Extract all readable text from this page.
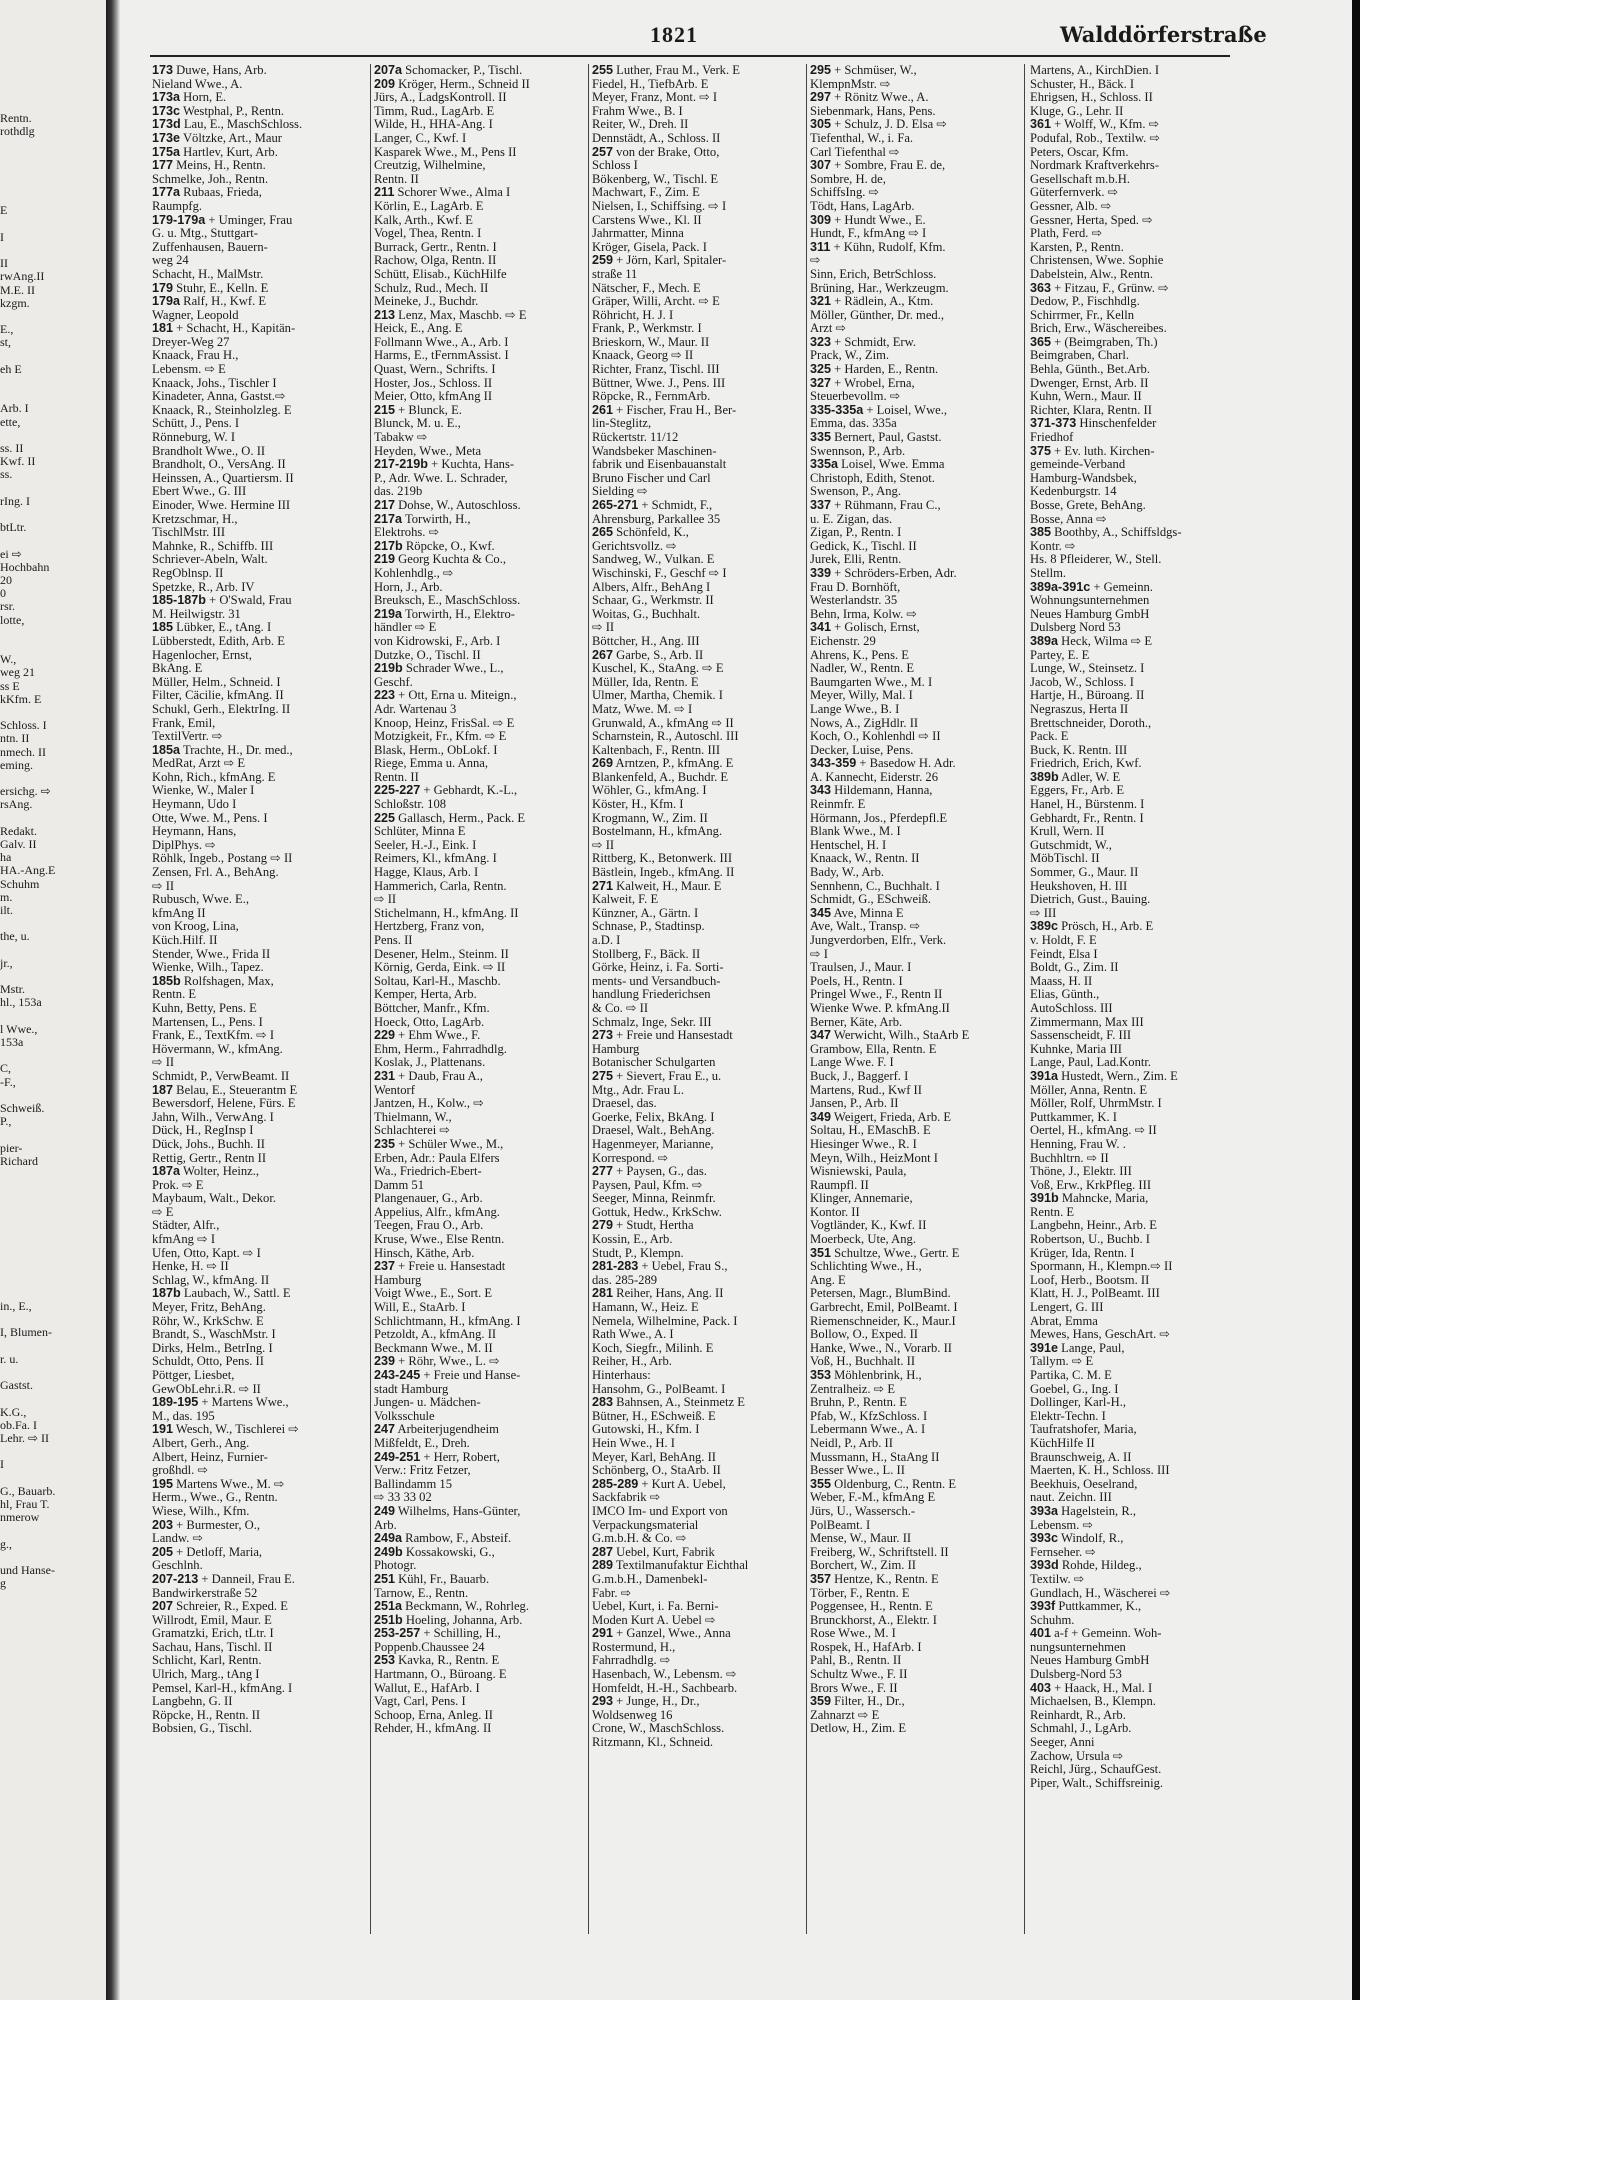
Rentn.
rothdlg
E
I
II
rwAng.II
M.E. II
kzgm.
E.,
st,
eh E
Arb. I
ette,
ss. II
Kwf. II
ss.
rIng. I
btLtr.
ei ⇨
Hochbahn
20
0
rsr.
lotte,
W.,
weg 21
ss E
kKfm. E
Schloss. I
ntn. II
nmech. II
eming.
ersichg. ⇨
rsAng.
Redakt.
Galv. II
ha
HA.-Ang.E
Schuhm
m.
ilt.
the, u.
jr.,
Mstr.
hl., 153a
l Wwe.,
153a
C,
-F.,
Schweiß.
P.,
pier-
Richard
in., E.,
I, Blumen-
r. u.
Gastst.
K.G.,
ob.Fa. I
Lehr. ⇨ II
I
G., Bauarb.
hl, Frau T.
nmerow
g.,
und Hanse-
g
1821	Walddörferstraße
173 Duwe, Hans, Arb.
Nieland Wwe., A.
173a Horn, E.
173c Westphal, P., Rentn.
173d Lau, E., MaschSchloss.
173e Völtzke, Art., Maur
175a Hartlev, Kurt, Arb.
177 Meins, H., Rentn.
Schmelke, Joh., Rentn.
177a Rubaas, Frieda,
Raumpfg.
179-179a + Uminger, Frau
G. u. Mtg., Stuttgart-
Zuffenhausen, Bauern-
weg 24
Schacht, H., MalMstr.
179 Stuhr, E., Kelln. E
179a Ralf, H., Kwf. E
Wagner, Leopold
181 + Schacht, H., Kapitän-
Dreyer-Weg 27
Knaack, Frau H.,
Lebensm. ⇨ E
Knaack, Johs., Tischler I
Kinadeter, Anna, Gastst.⇨
Knaack, R., Steinholzleg. E
Schütt, J., Pens. I
Rönneburg, W. I
Brandholt Wwe., O. II
Brandholt, O., VersAng. II
Heinssen, A., Quartiersm. II
Ebert Wwe., G. III
Einoder, Wwe. Hermine III
Kretzschmar, H.,
TischlMstr. III
Mahnke, R., Schiffb. III
Schriever-Abeln, Walt.
RegOblnsp. II
Spetzke, R., Arb. IV
185-187b + O'Swald, Frau
M. Heilwigstr. 31
185 Lübker, E., tAng. I
Lübberstedt, Edith, Arb. E
Hagenlocher, Ernst,
BkAng. E
Müller, Helm., Schneid. I
Filter, Cäcilie, kfmAng. II
Schukl, Gerh., ElektrIng. II
Frank, Emil,
TextilVertr. ⇨
185a Trachte, H., Dr. med.,
MedRat, Arzt ⇨ E
Kohn, Rich., kfmAng. E
Wienke, W., Maler I
Heymann, Udo I
Otte, Wwe. M., Pens. I
Heymann, Hans,
DiplPhys. ⇨
Röhlk, Ingeb., Postang ⇨ II
Zensen, Frl. A., BehAng.
⇨ II
Rubusch, Wwe. E.,
kfmAng II
von Kroog, Lina,
Küch.Hilf. II
Stender, Wwe., Frida II
Wienke, Wilh., Tapez.
185b Rolfshagen, Max,
Rentn. E
Kuhn, Betty, Pens. E
Martensen, L., Pens. I
Frank, E., TextKfm. ⇨ I
Hövermann, W., kfmAng.
⇨ II
Schmidt, P., VerwBeamt. II
187 Belau, E., Steuerantm E
Bewersdorf, Helene, Fürs. E
Jahn, Wilh., VerwAng. I
Dück, H., RegInsp I
Dück, Johs., Buchh. II
Rettig, Gertr., Rentn II
187a Wolter, Heinz.,
Prok. ⇨ E
Maybaum, Walt., Dekor.
⇨ E
Städter, Alfr.,
kfmAng ⇨ I
Ufen, Otto, Kapt. ⇨ I
Henke, H. ⇨ II
Schlag, W., kfmAng. II
187b Laubach, W., Sattl. E
Meyer, Fritz, BehAng.
Röhr, W., KrkSchw. E
Brandt, S., WaschMstr. I
Dirks, Helm., BetrIng. I
Schuldt, Otto, Pens. II
Pöttger, Liesbet,
GewObLehr.i.R. ⇨ II
189-195 + Martens Wwe.,
M., das. 195
191 Wesch, W., Tischlerei ⇨
Albert, Gerh., Ang.
Albert, Heinz, Furnier-
großhdl. ⇨
195 Martens Wwe., M. ⇨
Herm., Wwe., G., Rentn.
Wiese, Wilh., Kfm.
203 + Burmester, O.,
Landw. ⇨
205 + Detloff, Maria,
Geschlnh.
207-213 + Danneil, Frau E.
Bandwirkerstraße 52
207 Schreier, R., Exped. E
Willrodt, Emil, Maur. E
Gramatzki, Erich, tLtr. I
Sachau, Hans, Tischl. II
Schlicht, Karl, Rentn.
Ulrich, Marg., tAng I
Pemsel, Karl-H., kfmAng. I
Langbehn, G. II
Röpcke, H., Rentn. II
Bobsien, G., Tischl.
207a Schomacker, P., Tischl.
209 Kröger, Herm., Schneid II
Jürs, A., LadgsKontroll. II
Timm, Rud., LagArb. E
Wilde, H., HHA-Ang. I
Langer, C., Kwf. I
Kasparek Wwe., M., Pens II
Creutzig, Wilhelmine,
Rentn. II
211 Schorer Wwe., Alma I
Körlin, E., LagArb. E
Kalk, Arth., Kwf. E
Vogel, Thea, Rentn. I
Burrack, Gertr., Rentn. I
Rachow, Olga, Rentn. II
Schütt, Elisab., KüchHilfe
Schulz, Rud., Mech. II
Meineke, J., Buchdr.
213 Lenz, Max, Maschb. ⇨ E
Heick, E., Ang. E
Follmann Wwe., A., Arb. I
Harms, E., tFernmAssist. I
Quast, Wern., Schrifts. I
Hoster, Jos., Schloss. II
Meier, Otto, kfmAng II
215 + Blunck, E.
Blunck, M. u. E.,
Tabakw ⇨
Heyden, Wwe., Meta
217-219b + Kuchta, Hans-
P., Adr. Wwe. L. Schrader,
das. 219b
217 Dohse, W., Autoschloss.
217a Torwirth, H.,
Elektrohs. ⇨
217b Röpcke, O., Kwf.
219 Georg Kuchta & Co.,
Kohlenhdlg., ⇨
Horn, J., Arb.
Breuksch, E., MaschSchloss.
219a Torwirth, H., Elektro-
händler ⇨ E
von Kidrowski, F., Arb. I
Dutzke, O., Tischl. II
219b Schrader Wwe., L.,
Geschf.
223 + Ott, Erna u. Miteign.,
Adr. Wartenau 3
Knoop, Heinz, FrisSal. ⇨ E
Motzigkeit, Fr., Kfm. ⇨ E
Blask, Herm., ObLokf. I
Riege, Emma u. Anna,
Rentn. II
225-227 + Gebhardt, K.-L.,
Schloßstr. 108
225 Gallasch, Herm., Pack. E
Schlüter, Minna E
Seeler, H.-J., Eink. I
Reimers, Kl., kfmAng. I
Hagge, Klaus, Arb. I
Hammerich, Carla, Rentn.
⇨ II
Stichelmann, H., kfmAng. II
Hertzberg, Franz von,
Pens. II
Desener, Helm., Steinm. II
Körnig, Gerda, Eink. ⇨ II
Soltau, Karl-H., Maschb.
Kemper, Herta, Arb.
Böttcher, Manfr., Kfm.
Hoeck, Otto, LagArb.
229 + Ehm Wwe., F.
Ehm, Herm., Fahrradhdlg.
Koslak, J., Plattenans.
231 + Daub, Frau A.,
Wentorf
Jantzen, H., Kolw., ⇨
Thielmann, W.,
Schlachterei ⇨
235 + Schüler Wwe., M.,
Erben, Adr.: Paula Elfers
Wa., Friedrich-Ebert-
Damm 51
Plangenauer, G., Arb.
Appelius, Alfr., kfmAng.
Teegen, Frau O., Arb.
Kruse, Wwe., Else Rentn.
Hinsch, Käthe, Arb.
237 + Freie u. Hansestadt
Hamburg
Voigt Wwe., E., Sort. E
Will, E., StaArb. I
Schlichtmann, H., kfmAng. I
Petzoldt, A., kfmAng. II
Beckmann Wwe., M. II
239 + Röhr, Wwe., L. ⇨
243-245 + Freie und Hanse-
stadt Hamburg
Jungen- u. Mädchen-
Volksschule
247 Arbeiterjugendheim
Mißfeldt, E., Dreh.
249-251 + Herr, Robert,
Verw.: Fritz Fetzer,
Ballindamm 15
⇨ 33 33 02
249 Wilhelms, Hans-Günter,
Arb.
249a Rambow, F., Absteif.
249b Kossakowski, G.,
Photogr.
251 Kühl, Fr., Bauarb.
Tarnow, E., Rentn.
251a Beckmann, W., Rohrleg.
251b Hoeling, Johanna, Arb.
253-257 + Schilling, H.,
Poppenb.Chaussee 24
253 Kavka, R., Rentn. E
Hartmann, O., Büroang. E
Wallut, E., HafArb. I
Vagt, Carl, Pens. I
Schoop, Erna, Anleg. II
Rehder, H., kfmAng. II
255 Luther, Frau M., Verk. E
Fiedel, H., TiefbArb. E
Meyer, Franz, Mont. ⇨ I
Frahm Wwe., B. I
Reiter, W., Dreh. II
Dennstädt, A., Schloss. II
257 von der Brake, Otto,
Schloss I
Bökenberg, W., Tischl. E
Machwart, F., Zim. E
Nielsen, I., Schiffsing. ⇨ I
Carstens Wwe., Kl. II
Jahrmatter, Minna
Kröger, Gisela, Pack. I
259 + Jörn, Karl, Spitaler-
straße 11
Nätscher, F., Mech. E
Gräper, Willi, Archt. ⇨ E
Röhricht, H. J. I
Frank, P., Werkmstr. I
Brieskorn, W., Maur. II
Knaack, Georg ⇨ II
Richter, Franz, Tischl. III
Büttner, Wwe. J., Pens. III
Röpcke, R., FernmArb.
261 + Fischer, Frau H., Ber-
lin-Steglitz,
Rückertstr. 11/12
Wandsbeker Maschinen-
fabrik und Eisenbauanstalt
Bruno Fischer und Carl
Sielding ⇨
265-271 + Schmidt, F.,
Ahrensburg, Parkallee 35
265 Schönfeld, K.,
Gerichtsvollz. ⇨
Sandweg, W., Vulkan. E
Wischinski, F., Geschf ⇨ I
Albers, Alfr., BehAng I
Schaar, G., Werkmstr. II
Woitas, G., Buchhalt.
⇨ II
Böttcher, H., Ang. III
267 Garbe, S., Arb. II
Kuschel, K., StaAng. ⇨ E
Müller, Ida, Rentn. E
Ulmer, Martha, Chemik. I
Matz, Wwe. M. ⇨ I
Grunwald, A., kfmAng ⇨ II
Scharnstein, R., Autoschl. III
Kaltenbach, F., Rentn. III
269 Arntzen, P., kfmAng. E
Blankenfeld, A., Buchdr. E
Wöhler, G., kfmAng. I
Köster, H., Kfm. I
Krogmann, W., Zim. II
Bostelmann, H., kfmAng.
⇨ II
Rittberg, K., Betonwerk. III
Bästlein, Ingeb., kfmAng. II
271 Kalweit, H., Maur. E
Kalweit, F. E
Künzner, A., Gärtn. I
Schnase, P., Stadtinsp.
a.D. I
Stollberg, F., Bäck. II
Görke, Heinz, i. Fa. Sorti-
ments- und Versandbuch-
handlung Friederichsen
& Co. ⇨ II
Schmalz, Inge, Sekr. III
273 + Freie und Hansestadt
Hamburg
Botanischer Schulgarten
275 + Sievert, Frau E., u.
Mtg., Adr. Frau L.
Draesel, das.
Goerke, Felix, BkAng. I
Draesel, Walt., BehAng.
Hagenmeyer, Marianne,
Korrespond. ⇨
277 + Paysen, G., das.
Paysen, Paul, Kfm. ⇨
Seeger, Minna, Reinmfr.
Gottuk, Hedw., KrkSchw.
279 + Studt, Hertha
Kossin, E., Arb.
Studt, P., Klempn.
281-283 + Uebel, Frau S.,
das. 285-289
281 Reiher, Hans, Ang. II
Hamann, W., Heiz. E
Nemela, Wilhelmine, Pack. I
Rath Wwe., A. I
Koch, Siegfr., Milinh. E
Reiher, H., Arb.
Hinterhaus:
Hansohm, G., PolBeamt. I
283 Bahnsen, A., Steinmetz E
Bütner, H., ESchweiß. E
Gutowski, H., Kfm. I
Hein Wwe., H. I
Meyer, Karl, BehAng. II
Schönberg, O., StaArb. II
285-289 + Kurt A. Uebel,
Sackfabrik ⇨
IMCO Im- und Export von
Verpackungsmaterial
G.m.b.H. & Co. ⇨
287 Uebel, Kurt, Fabrik
289 Textilmanufaktur Eichthal
G.m.b.H., Damenbekl-
Fabr. ⇨
Uebel, Kurt, i. Fa. Berni-
Moden Kurt A. Uebel ⇨
291 + Ganzel, Wwe., Anna
Rostermund, H.,
Fahrradhdlg. ⇨
Hasenbach, W., Lebensm. ⇨
Homfeldt, H.-H., Sachbearb.
293 + Junge, H., Dr.,
Woldsenweg 16
Crone, W., MaschSchloss.
Ritzmann, Kl., Schneid.
295 + Schmüser, W.,
KlempnMstr. ⇨
297 + Rönitz Wwe., A.
Siebenmark, Hans, Pens.
305 + Schulz, J. D. Elsa ⇨
Tiefenthal, W., i. Fa.
Carl Tiefenthal ⇨
307 + Sombre, Frau E. de,
Sombre, H. de,
SchiffsIng. ⇨
Tödt, Hans, LagArb.
309 + Hundt Wwe., E.
Hundt, F., kfmAng ⇨ I
311 + Kühn, Rudolf, Kfm.
⇨
Sinn, Erich, BetrSchloss.
Brüning, Har., Werkzeugm.
321 + Rädlein, A., Ktm.
Möller, Günther, Dr. med.,
Arzt ⇨
323 + Schmidt, Erw.
Prack, W., Zim.
325 + Harden, E., Rentn.
327 + Wrobel, Erna,
Steuerbevollm. ⇨
335-335a + Loisel, Wwe.,
Emma, das. 335a
335 Bernert, Paul, Gastst.
Swennson, P., Arb.
335a Loisel, Wwe. Emma
Christoph, Edith, Stenot.
Swenson, P., Ang.
337 + Rühmann, Frau C.,
u. E. Zigan, das.
Zigan, P., Rentn. I
Gedick, K., Tischl. II
Jurek, Elli, Rentn.
339 + Schröders-Erben, Adr.
Frau D. Bornhöft,
Westerlandstr. 35
Behn, Irma, Kolw. ⇨
341 + Golisch, Ernst,
Eichenstr. 29
Ahrens, K., Pens. E
Nadler, W., Rentn. E
Baumgarten Wwe., M. I
Meyer, Willy, Mal. I
Lange Wwe., B. I
Nows, A., ZigHdlr. II
Koch, O., Kohlenhdl ⇨ II
Decker, Luise, Pens.
343-359 + Basedow H. Adr.
A. Kannecht, Eiderstr. 26
343 Hildemann, Hanna,
Reinmfr. E
Hörmann, Jos., Pferdepfl.E
Blank Wwe., M. I
Hentschel, H. I
Knaack, W., Rentn. II
Bady, W., Arb.
Sennhenn, C., Buchhalt. I
Schmidt, G., ESchweiß.
345 Ave, Minna E
Ave, Walt., Transp. ⇨
Jungverdorben, Elfr., Verk.
⇨ I
Traulsen, J., Maur. I
Poels, H., Rentn. I
Pringel Wwe., F., Rentn II
Wienke Wwe. P. kfmAng.II
Berner, Käte, Arb.
347 Werwicht, Wilh., StaArb E
Grambow, Ella, Rentn. E
Lange Wwe. F. I
Buck, J., Baggerf. I
Martens, Rud., Kwf II
Jansen, P., Arb. II
349 Weigert, Frieda, Arb. E
Soltau, H., EMaschB. E
Hiesinger Wwe., R. I
Meyn, Wilh., HeizMont I
Wisniewski, Paula,
Raumpfl. II
Klinger, Annemarie,
Kontor. II
Vogtländer, K., Kwf. II
Moerbeck, Ute, Ang.
351 Schultze, Wwe., Gertr. E
Schlichting Wwe., H.,
Ang. E
Petersen, Magr., BlumBind.
Garbrecht, Emil, PolBeamt. I
Riemenschneider, K., Maur.I
Bollow, O., Exped. II
Hanke, Wwe., N., Vorarb. II
Voß, H., Buchhalt. II
353 Möhlenbrink, H.,
Zentralheiz. ⇨ E
Bruhn, P., Rentn. E
Pfab, W., KfzSchloss. I
Lebermann Wwe., A. I
Neidl, P., Arb. II
Mussmann, H., StaAng II
Besser Wwe., L. II
355 Oldenburg, C., Rentn. E
Weber, F.-M., kfmAng E
Jürs, U., Wassersch.-
PolBeamt. I
Mense, W., Maur. II
Freiberg, W., Schriftstell. II
Borchert, W., Zim. II
357 Hentze, K., Rentn. E
Törber, F., Rentn. E
Poggensee, H., Rentn. E
Brunckhorst, A., Elektr. I
Rose Wwe., M. I
Rospek, H., HafArb. I
Pahl, B., Rentn. II
Schultz Wwe., F. II
Brors Wwe., F. II
359 Filter, H., Dr.,
Zahnarzt ⇨ E
Detlow, H., Zim. E
Martens, A., KirchDien. I
Schuster, H., Bäck. I
Ehrigsen, H., Schloss. II
Kluge, G., Lehr. II
361 + Wolff, W., Kfm. ⇨
Podufal, Rob., Textilw. ⇨
Peters, Oscar, Kfm.
Nordmark Kraftverkehrs-
Gesellschaft m.b.H.
Güterfernverk. ⇨
Gessner, Alb. ⇨
Gessner, Herta, Sped. ⇨
Plath, Ferd. ⇨
Karsten, P., Rentn.
Christensen, Wwe. Sophie
Dabelstein, Alw., Rentn.
363 + Fitzau, F., Grünw. ⇨
Dedow, P., Fischhdlg.
Schirrmer, Fr., Kelln
Brich, Erw., Wäschereibes.
365 + (Beimgraben, Th.)
Beimgraben, Charl.
Behla, Günth., Bet.Arb.
Dwenger, Ernst, Arb. II
Kuhn, Wern., Maur. II
Richter, Klara, Rentn. II
371-373 Hinschenfelder
Friedhof
375 + Ev. luth. Kirchen-
gemeinde-Verband
Hamburg-Wandsbek,
Kedenburgstr. 14
Bosse, Grete, BehAng.
Bosse, Anna ⇨
385 Boothby, A., Schiffsldgs-
Kontr. ⇨
Hs. 8 Pfleiderer, W., Stell.
Stellm.
389a-391c + Gemeinn.
Wohnungsunternehmen
Neues Hamburg GmbH
Dulsberg Nord 53
389a Heck, Wilma ⇨ E
Partey, E. E
Lunge, W., Steinsetz. I
Jacob, W., Schloss. I
Hartje, H., Büroang. II
Negraszus, Herta II
Brettschneider, Doroth.,
Pack. E
Buck, K. Rentn. III
Friedrich, Erich, Kwf.
389b Adler, W. E
Eggers, Fr., Arb. E
Hanel, H., Bürstenm. I
Gebhardt, Fr., Rentn. I
Krull, Wern. II
Gutschmidt, W.,
MöbTischl. II
Sommer, G., Maur. II
Heukshoven, H. III
Dietrich, Gust., Bauing.
⇨ III
389c Prösch, H., Arb. E
v. Holdt, F. E
Feindt, Elsa I
Boldt, G., Zim. II
Maass, H. II
Elias, Günth.,
AutoSchloss. III
Zimmermann, Max III
Sassenscheidt, F. III
Kuhnke, Maria III
Lange, Paul, Lad.Kontr.
391a Hustedt, Wern., Zim. E
Möller, Anna, Rentn. E
Möller, Rolf, UhrmMstr. I
Puttkammer, K. I
Oertel, H., kfmAng. ⇨ II
Henning, Frau W. .
Buchhltrn. ⇨ II
Thöne, J., Elektr. III
Voß, Erw., KrkPfleg. III
391b Mahncke, Maria,
Rentn. E
Langbehn, Heinr., Arb. E
Robertson, U., Buchb. I
Krüger, Ida, Rentn. I
Spormann, H., Klempn.⇨ II
Loof, Herb., Bootsm. II
Klatt, H. J., PolBeamt. III
Lengert, G. III
Abrat, Emma
Mewes, Hans, GeschArt. ⇨
391e Lange, Paul,
Tallym. ⇨ E
Partika, C. M. E
Goebel, G., Ing. I
Dollinger, Karl-H.,
Elektr-Techn. I
Taufratshofer, Maria,
KüchHilfe II
Braunschweig, A. II
Maerten, K. H., Schloss. III
Beekhuis, Oeselrand,
naut. Zeichn. III
393a Hagelstein, R.,
Lebensm. ⇨
393c Windolf, R.,
Fernseher. ⇨
393d Rohde, Hildeg.,
Textilw. ⇨
Gundlach, H., Wäscherei ⇨
393f Puttkammer, K.,
Schuhm.
401 a-f + Gemeinn. Woh-
nungsunternehmen
Neues Hamburg GmbH
Dulsberg-Nord 53
403 + Haack, H., Mal. I
Michaelsen, B., Klempn.
Reinhardt, R., Arb.
Schmahl, J., LgArb.
Seeger, Anni
Zachow, Ursula ⇨
Reichl, Jürg., SchaufGest.
Piper, Walt., Schiffsreinig.
